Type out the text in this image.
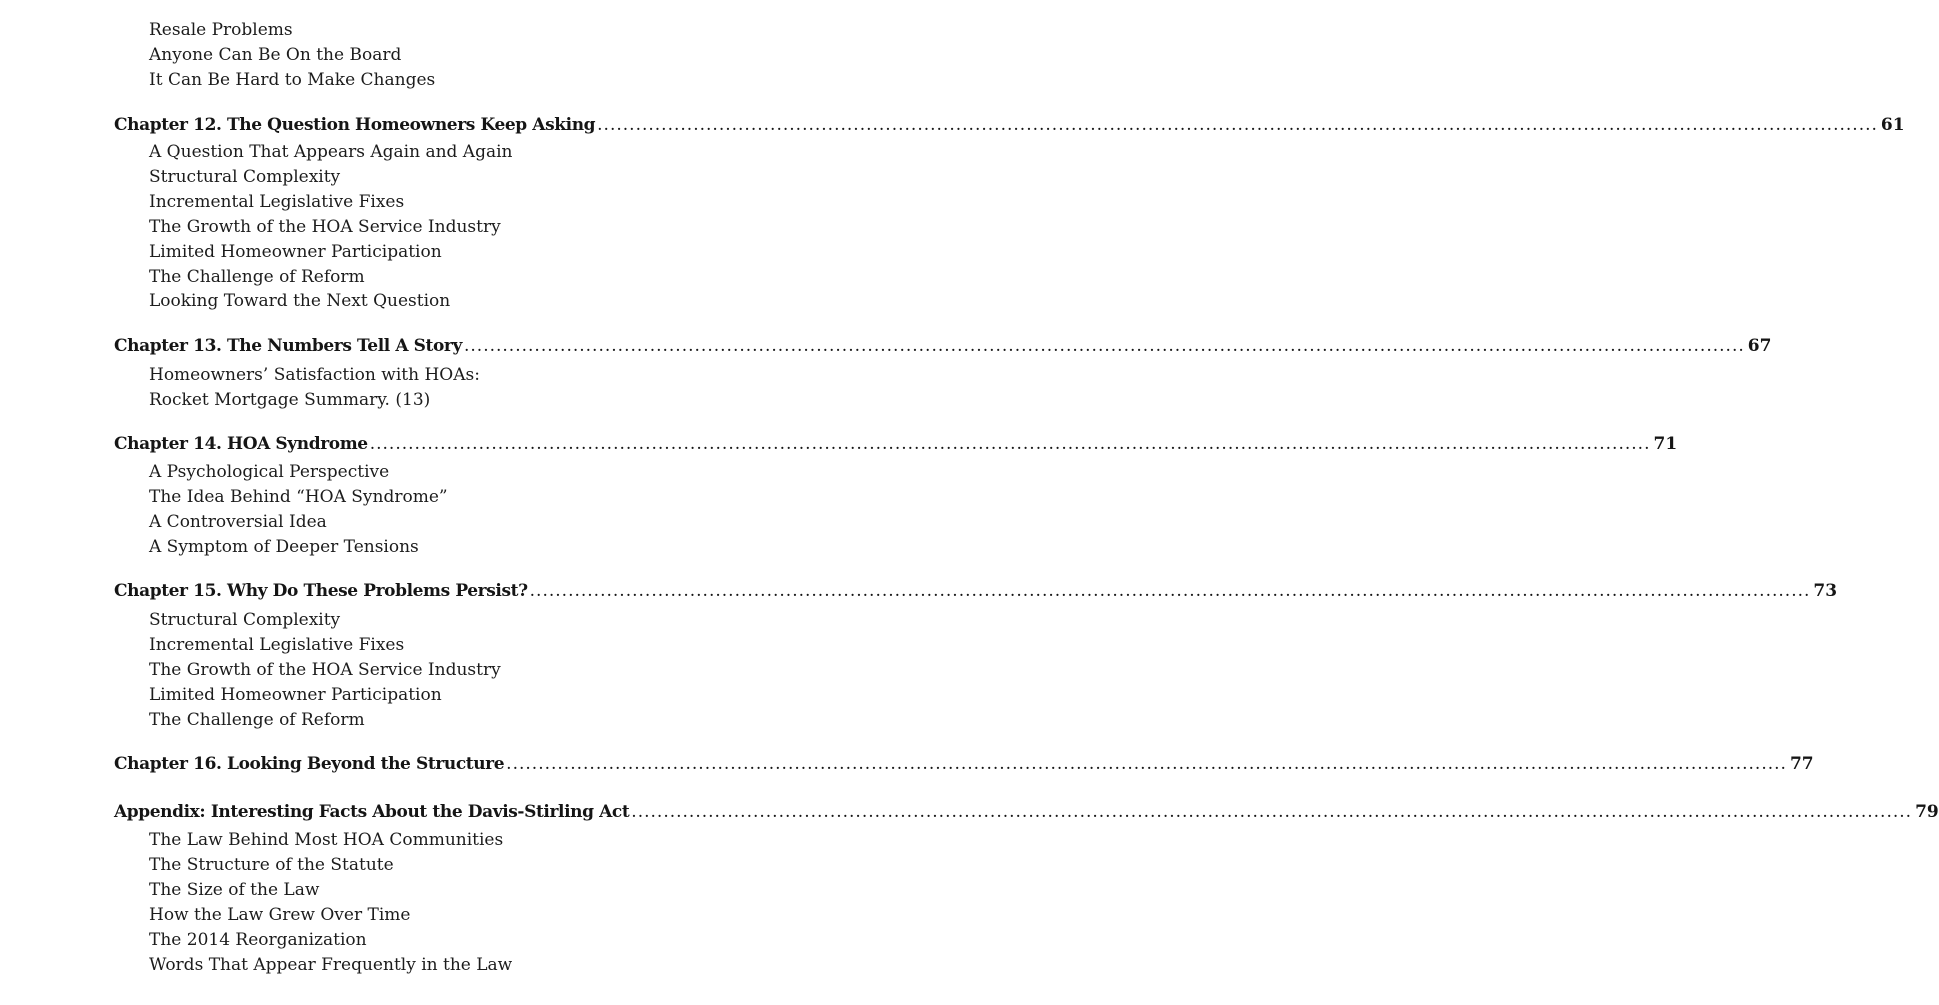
Resale Problems
Anyone Can Be On the Board
It Can Be Hard to Make Changes
Chapter 12. The Question Homeowners Keep Asking ........................................................................................................................................................................................................ 61
A Question That Appears Again and Again
Structural Complexity
Incremental Legislative Fixes
The Growth of the HOA Service Industry
Limited Homeowner Participation
The Challenge of Reform
Looking Toward the Next Question
Chapter 13. The Numbers Tell A Story ........................................................................................................................................................................................................ 67
Homeowners’ Satisfaction with HOAs:
Rocket Mortgage Summary. (13)
Chapter 14. HOA Syndrome ........................................................................................................................................................................................................ 71
A Psychological Perspective
The Idea Behind “HOA Syndrome”
A Controversial Idea
A Symptom of Deeper Tensions
Chapter 15. Why Do These Problems Persist? ........................................................................................................................................................................................................ 73
Structural Complexity
Incremental Legislative Fixes
The Growth of the HOA Service Industry
Limited Homeowner Participation
The Challenge of Reform
Chapter 16. Looking Beyond the Structure ........................................................................................................................................................................................................ 77
Appendix: Interesting Facts About the Davis-Stirling Act ........................................................................................................................................................................................................ 79
The Law Behind Most HOA Communities
The Structure of the Statute
The Size of the Law
How the Law Grew Over Time
The 2014 Reorganization
Words That Appear Frequently in the Law
